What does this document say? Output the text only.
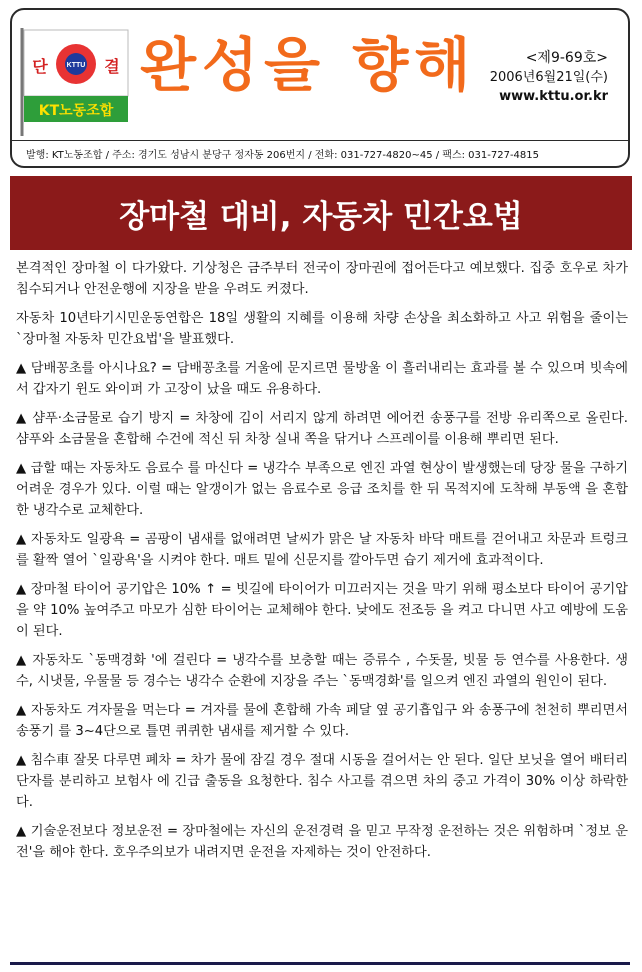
KTTU
단	결
KT노동조합
완성을 향해	<제9-69호>
2006년6월21일(수)
www.kttu.or.kr
발행: KT노동조합 / 주소: 경기도 성남시 분당구 정자동 206번지 / 전화: 031-727-4820~45 / 팩스: 031-727-4815
장마철 대비, 자동차 민간요법

본격적인 장마철 이 다가왔다. 기상청은 금주부터 전국이 장마권에 접어든다고 예보했다. 집중 호우로 차가 침수되거나 안전운행에 지장을 받을 우려도 커졌다.

자동차 10년타기시민운동연합은 18일 생활의 지혜를 이용해 차량 손상을 최소화하고 사고 위험을 줄이는 `장마철 자동차 민간요법'을 발표했다.

▲ 담배꽁초를 아시나요? = 담배꽁초를 거울에 문지르면 물방울 이 흘러내리는 효과를 볼 수 있으며 빗속에서 갑자기 윈도 와이퍼 가 고장이 났을 때도 유용하다.

▲ 샴푸·소금물로 습기 방지 = 차창에 김이 서리지 않게 하려면 에어컨 송풍구를 전방 유리쪽으로 올린다. 샴푸와 소금물을 혼합해 수건에 적신 뒤 차창 실내 쪽을 닦거나 스프레이를 이용해 뿌리면 된다.

▲ 급할 때는 자동차도 음료수 를 마신다 = 냉각수 부족으로 엔진 과열 현상이 발생했는데 당장 물을 구하기 어려운 경우가 있다. 이럴 때는 알갱이가 없는 음료수로 응급 조치를 한 뒤 목적지에 도착해 부동액 을 혼합한 냉각수로 교체한다.

▲ 자동차도 일광욕 = 곰팡이 냄새를 없애려면 날씨가 맑은 날 자동차 바닥 매트를 걷어내고 차문과 트렁크를 활짝 열어 `일광욕'을 시켜야 한다. 매트 밑에 신문지를 깔아두면 습기 제거에 효과적이다.

▲ 장마철 타이어 공기압은 10% ↑ = 빗길에 타이어가 미끄러지는 것을 막기 위해 평소보다 타이어 공기압을 약 10% 높여주고 마모가 심한 타이어는 교체해야 한다. 낮에도 전조등 을 켜고 다니면 사고 예방에 도움이 된다.

▲ 자동차도 `동맥경화 '에 걸린다 = 냉각수를 보충할 때는 증류수 , 수돗물, 빗물 등 연수를 사용한다. 생수, 시냇물, 우물물 등 경수는 냉각수 순환에 지장을 주는 `동맥경화'를 일으켜 엔진 과열의 원인이 된다.

▲ 자동차도 겨자물을 먹는다 = 겨자를 물에 혼합해 가속 페달 옆 공기흡입구 와 송풍구에 천천히 뿌리면서 송풍기 를 3~4단으로 틀면 퀴퀴한 냄새를 제거할 수 있다.

▲ 침수車 잘못 다루면 폐차 = 차가 물에 잠길 경우 절대 시동을 걸어서는 안 된다. 일단 보닛을 열어 배터리 단자를 분리하고 보험사 에 긴급 출동을 요청한다. 침수 사고를 겪으면 차의 중고 가격이 30% 이상 하락한다.

▲ 기술운전보다 정보운전 = 장마철에는 자신의 운전경력 을 믿고 무작정 운전하는 것은 위험하며 `정보 운전'을 해야 한다. 호우주의보가 내려지면 운전을 자제하는 것이 안전하다.
